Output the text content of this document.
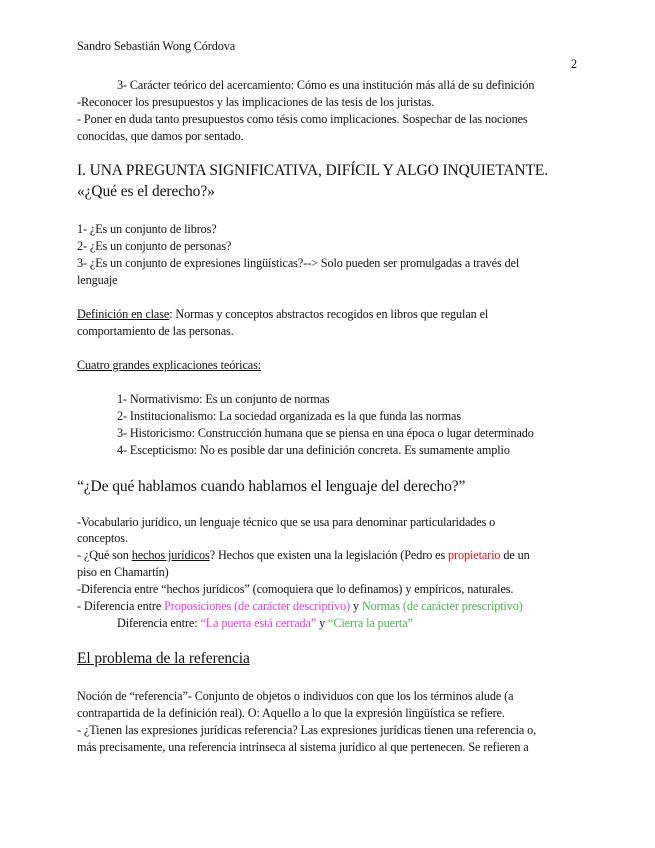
Sandro Sebastián Wong Córdova
2
3- Carácter teórico del acercamiento: Cómo es una institución más allá de su definición
-Reconocer los presupuestos y las implicaciones de las tesis de los juristas.
- Poner en duda tanto presupuestos como tésis como implicaciones. Sospechar de las nociones
conocidas, que damos por sentado.
I. UNA PREGUNTA SIGNIFICATIVA, DIFÍCIL Y ALGO INQUIETANTE.
«¿Qué es el derecho?»
1- ¿Es un conjunto de libros?
2- ¿Es un conjunto de personas?
3- ¿Es un conjunto de expresiones lingüísticas?--> Solo pueden ser promulgadas a través del
lenguaje
Definición en clase: Normas y conceptos abstractos recogidos en libros que regulan el
comportamiento de las personas.
Cuatro grandes explicaciones teóricas:
1- Normativismo: Es un conjunto de normas
2- Institucionalismo: La sociedad organizada es la que funda las normas
3- Historicismo: Construcción humana que se piensa en una época o lugar determinado
4- Escepticismo: No es posible dar una definición concreta. Es sumamente amplio
“¿De qué hablamos cuando hablamos el lenguaje del derecho?”
-Vocabulario jurídico, un lenguaje técnico que se usa para denominar particularidades o
conceptos.
- ¿Qué son hechos jurídicos? Hechos que existen una la legislación (Pedro es propietario de un
piso en Chamartín)
-Diferencia entre “hechos jurídicos” (comoquiera que lo definamos) y empíricos, naturales.
- Diferencia entre Proposiciones (de carácter descriptivo) y Normas (de carácter prescriptivo)
Diferencia entre: “La puerta está cerrada” y “Cierra la puerta”
El problema de la referencia
Noción de “referencia”- Conjunto de objetos o individuos con que los los términos alude (a
contrapartida de la definición real). O: Aquello a lo que la expresión lingüística se refiere.
- ¿Tienen las expresiones jurídicas referencia? Las expresiones jurídicas tienen una referencia o,
más precisamente, una referencia intrínseca al sistema jurídico al que pertenecen. Se refieren a
